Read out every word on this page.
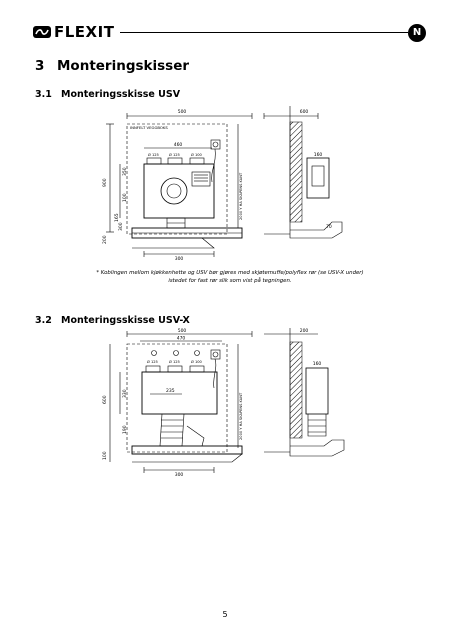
FLEXIT	N
3 Monteringskisser
3.1 Monteringsskisse USV
500	600
460
INNFELT VEGGBOKS
Ø 125	Ø 125	Ø 100	160
350
100
165
900
300
200
2000 Y HA SKAPENS KANT
300
70
* Koblingen mellom kjøkkenhette og USV bør gjøres med skjøtemuffe/polyflex rør (se USV-X under)
istedet for fast rør slik som vist på tegningen.
3.2 Monteringsskisse USV-X
500
470
200
Ø 125	Ø 125	Ø 100	160
330	235
190
600
100
2000 Y HA SKAPENS KANT
300
5
